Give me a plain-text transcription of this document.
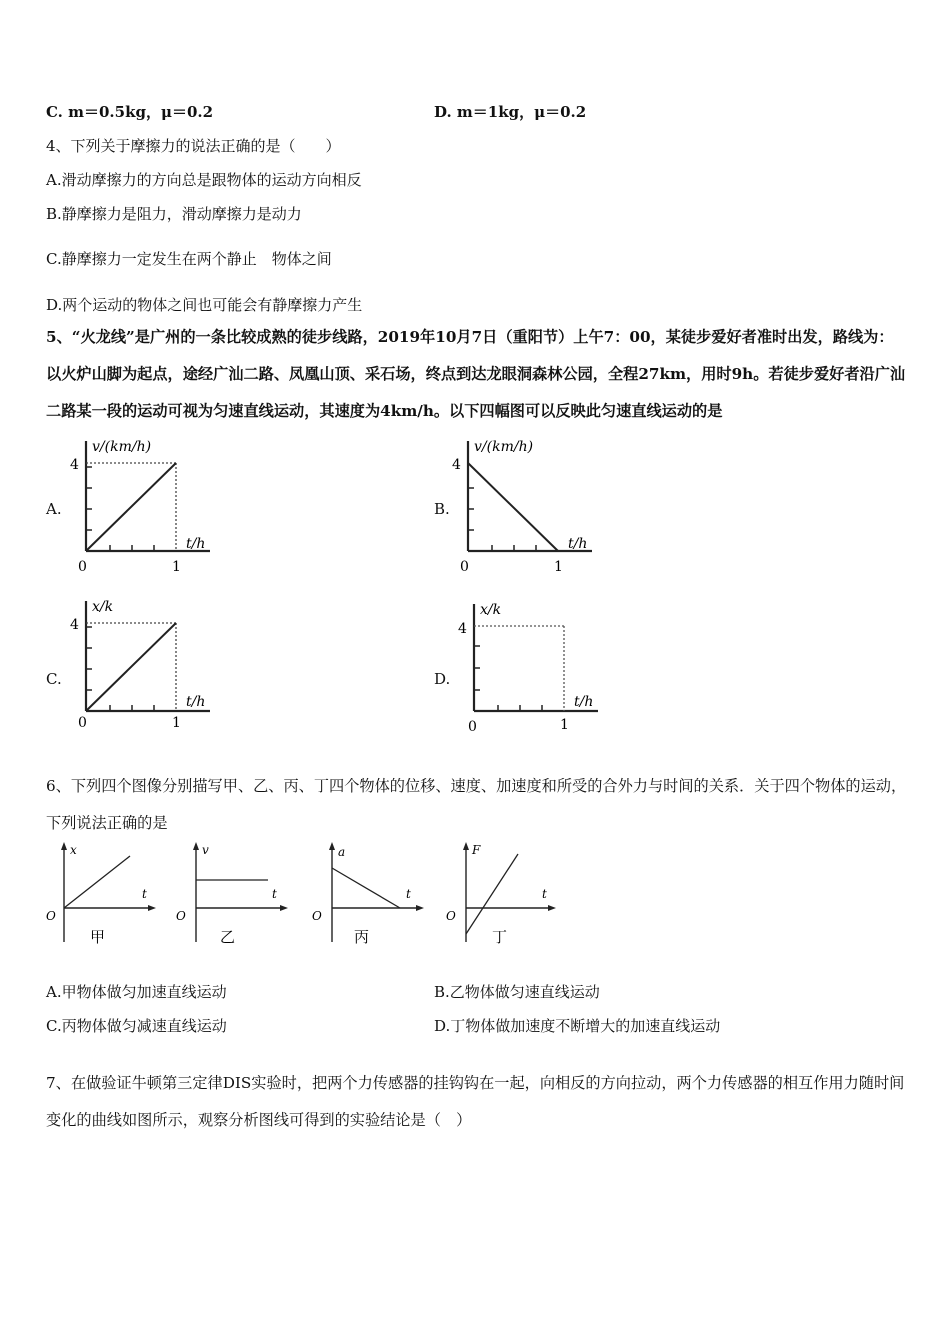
C. m＝0.5kg，μ＝0.2	D. m＝1kg，μ＝0.2
4、下列关于摩擦力的说法正确的是（　　）
A.滑动摩擦力的方向总是跟物体的运动方向相反
B.静摩擦力是阻力，滑动摩擦力是动力
C.静摩擦力一定发生在两个静止　物体之间
D.两个运动的物体之间也可能会有静摩擦力产生
5、“火龙线”是广州的一条比较成熟的徒步线路，2019年10月7日（重阳节）上午7：00，某徒步爱好者准时出发，路线为：以火炉山脚为起点，途经广汕二路、凤凰山顶、采石场，终点到达龙眼洞森林公园，全程27km，用时9h。若徒步爱好者沿广汕二路某一段的运动可视为匀速直线运动，其速度为4km/h。以下四幅图可以反映此匀速直线运动的是
A.
v/(km/h)
4
0	1
t/h
B.
v/(km/h)
4
0	1
t/h
C.
x/k
4
0	1
t/h
D.
x/k
4
0	1
t/h
6、下列四个图像分别描写甲、乙、丙、丁四个物体的位移、速度、加速度和所受的合外力与时间的关系．关于四个物体的运动，下列说法正确的是
x
t
O
甲
v
t
O
乙
a
t
O
丙
F
t
O
丁
A.甲物体做匀加速直线运动	B.乙物体做匀速直线运动
C.丙物体做匀减速直线运动	D.丁物体做加速度不断增大的加速直线运动
7、在做验证牛顿第三定律DIS实验时，把两个力传感器的挂钩钩在一起，向相反的方向拉动，两个力传感器的相互作用力随时间变化的曲线如图所示，观察分析图线可得到的实验结论是（　）
